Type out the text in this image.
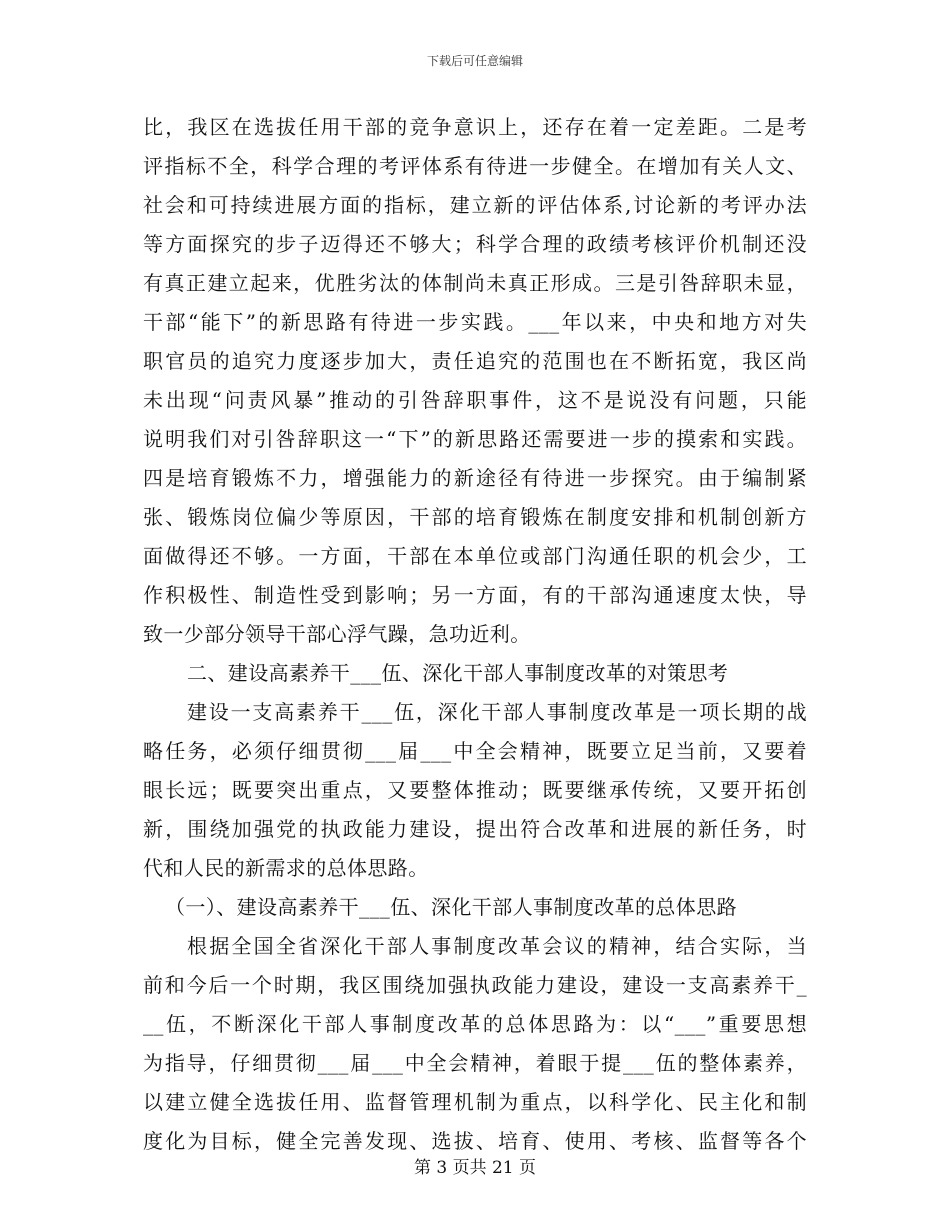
下载后可任意编辑
比，我区在选拔任用干部的竞争意识上，还存在着一定差距。二是考
评指标不全，科学合理的考评体系有待进一步健全。在增加有关人文、
社会和可持续进展方面的指标，建立新的评估体系,讨论新的考评办法
等方面探究的步子迈得还不够大；科学合理的政绩考核评价机制还没
有真正建立起来，优胜劣汰的体制尚未真正形成。三是引咎辞职未显，
干部“能下”的新思路有待进一步实践。___年以来，中央和地方对失
职官员的追究力度逐步加大，责任追究的范围也在不断拓宽，我区尚
未出现“问责风暴”推动的引咎辞职事件，这不是说没有问题，只能
说明我们对引咎辞职这一“下”的新思路还需要进一步的摸索和实践。
四是培育锻炼不力，增强能力的新途径有待进一步探究。由于编制紧
张、锻炼岗位偏少等原因，干部的培育锻炼在制度安排和机制创新方
面做得还不够。一方面，干部在本单位或部门沟通任职的机会少，工
作积极性、制造性受到影响；另一方面，有的干部沟通速度太快，导
致一少部分领导干部心浮气躁，急功近利。
二、建设高素养干___伍、深化干部人事制度改革的对策思考
建设一支高素养干___伍，深化干部人事制度改革是一项长期的战
略任务，必须仔细贯彻___届___中全会精神，既要立足当前，又要着
眼长远；既要突出重点，又要整体推动；既要继承传统，又要开拓创
新，围绕加强党的执政能力建设，提出符合改革和进展的新任务，时
代和人民的新需求的总体思路。
（一）、建设高素养干___伍、深化干部人事制度改革的总体思路
根据全国全省深化干部人事制度改革会议的精神，结合实际，当
前和今后一个时期，我区围绕加强执政能力建设，建设一支高素养干_
__伍，不断深化干部人事制度改革的总体思路为：以“___”重要思想
为指导，仔细贯彻___届___中全会精神，着眼于提___伍的整体素养，
以建立健全选拔任用、监督管理机制为重点，以科学化、民主化和制
度化为目标，健全完善发现、选拔、培育、使用、考核、监督等各个
第 3 页共 21 页
